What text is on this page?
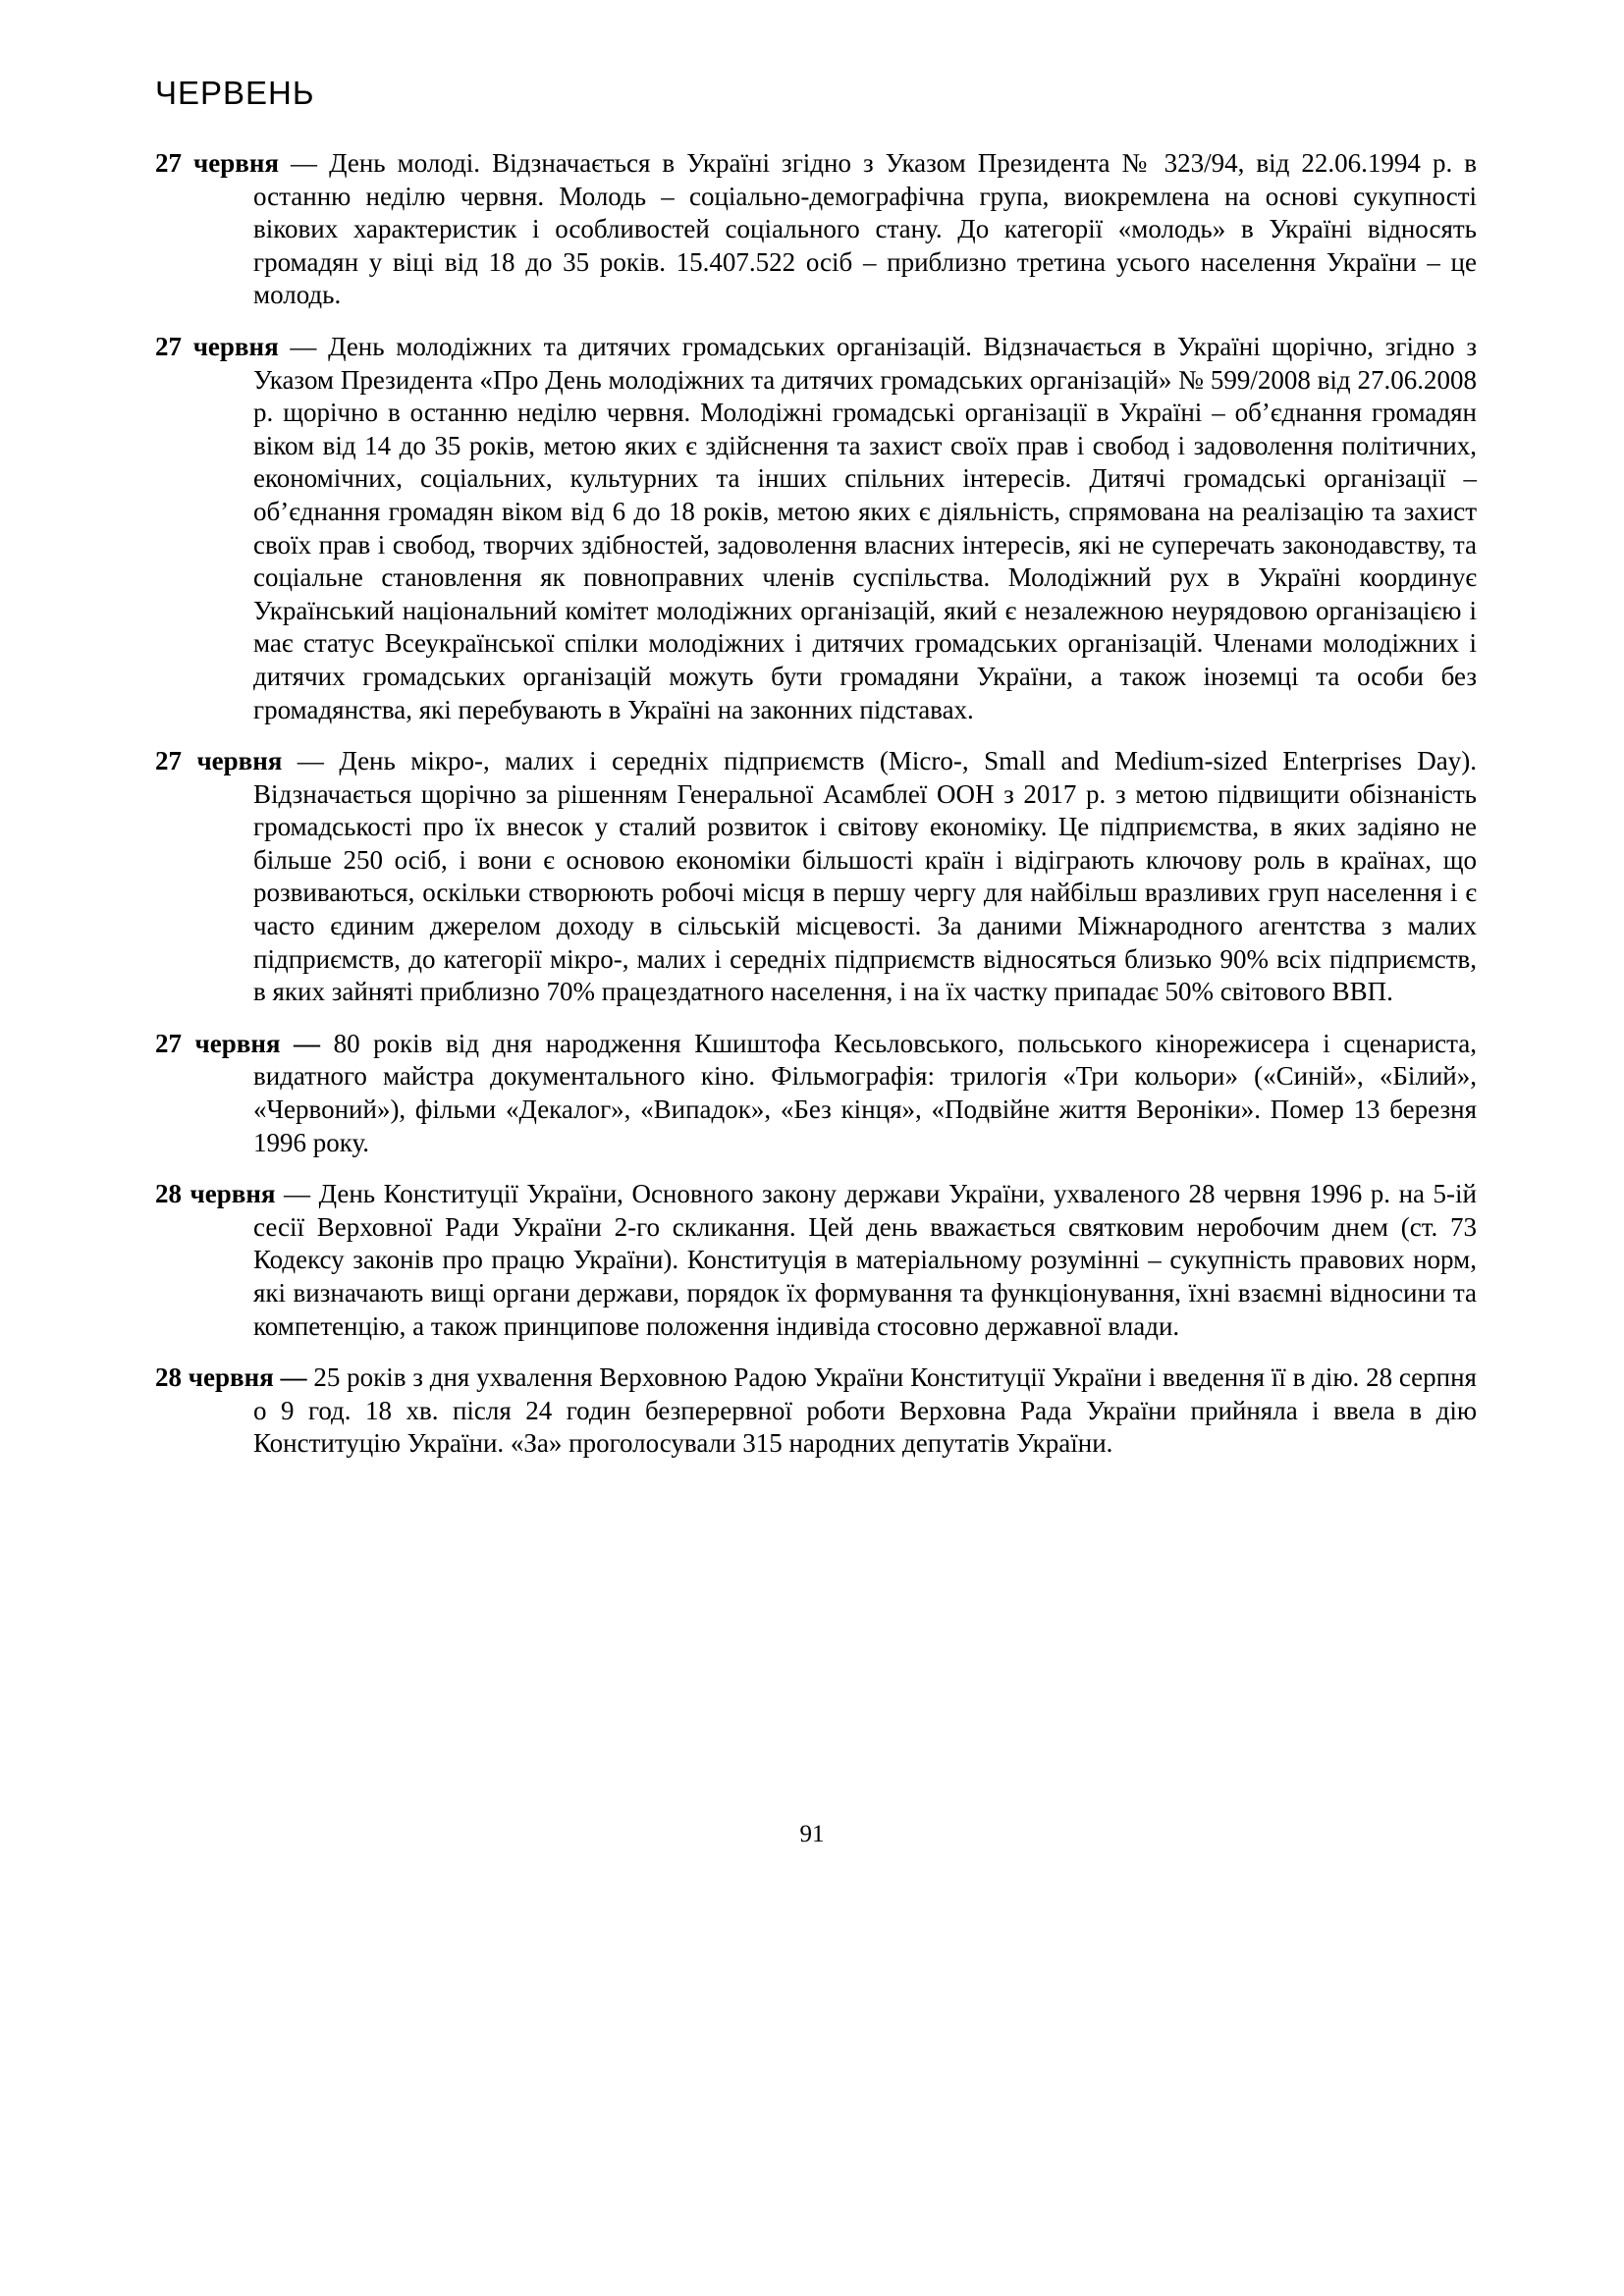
ЧЕРВЕНЬ

27 червня — День молоді. Відзначається в Україні згідно з Указом Президента № 323/94, від 22.06.1994 р. в останню неділю червня. Молодь – соціально-демографічна група, виокремлена на основі сукупності вікових характеристик і особливостей соціального стану. До категорії «молодь» в Україні відносять громадян у віці від 18 до 35 років. 15.407.522 осіб – приблизно третина усього населення України – це молодь.

27 червня — День молодіжних та дитячих громадських організацій. Відзначається в Україні щорічно, згідно з Указом Президента «Про День молодіжних та дитячих громадських організацій» № 599/2008 від 27.06.2008 р. щорічно в останню неділю червня. Молодіжні громадські організації в Україні – об’єднання громадян віком від 14 до 35 років, метою яких є здійснення та захист своїх прав і свобод і задоволення політичних, економічних, соціальних, культурних та інших спільних інтересів. Дитячі громадські організації – об’єднання громадян віком від 6 до 18 років, метою яких є діяльність, спрямована на реалізацію та захист своїх прав і свобод, творчих здібностей, задоволення власних інтересів, які не суперечать законодавству, та соціальне становлення як повноправних членів суспільства. Молодіжний рух в Україні координує Український національний комітет молодіжних організацій, який є незалежною неурядовою організацією і має статус Всеукраїнської спілки молодіжних і дитячих громадських організацій. Членами молодіжних і дитячих громадських організацій можуть бути громадяни України, а також іноземці та особи без громадянства, які перебувають в Україні на законних підставах.

27 червня — День мікро-, малих і середніх підприємств (Micro-, Small and Medium-sized Enterprises Day). Відзначається щорічно за рішенням Генеральної Асамблеї ООН з 2017 р. з метою підвищити обізнаність громадськості про їх внесок у сталий розвиток і світову економіку. Це підприємства, в яких задіяно не більше 250 осіб, і вони є основою економіки більшості країн і відіграють ключову роль в країнах, що розвиваються, оскільки створюють робочі місця в першу чергу для найбільш вразливих груп населення і є часто єдиним джерелом доходу в сільській місцевості. За даними Міжнародного агентства з малих підприємств, до категорії мікро-, малих і середніх підприємств відносяться близько 90% всіх підприємств, в яких зайняті приблизно 70% працездатного населення, і на їх частку припадає 50% світового ВВП.

27 червня — 80 років від дня народження Кшиштофа Кесьловського, польського кінорежисера і сценариста, видатного майстра документального кіно. Фільмографія: трилогія «Три кольори» («Синій», «Білий», «Червоний»), фільми «Декалог», «Випадок», «Без кінця», «Подвійне життя Вероніки». Помер 13 березня 1996 року.

28 червня — День Конституції України, Основного закону держави України, ухваленого 28 червня 1996 р. на 5-ій сесії Верховної Ради України 2-го скликання. Цей день вважається святковим неробочим днем (ст. 73 Кодексу законів про працю України). Конституція в матеріальному розумінні – сукупність правових норм, які визначають вищі органи держави, порядок їх формування та функціонування, їхні взаємні відносини та компетенцію, а також принципове положення індивіда стосовно державної влади.

28 червня — 25 років з дня ухвалення Верховною Радою України Конституції України і введення її в дію. 28 серпня о 9 год. 18 хв. після 24 годин безперервної роботи Верховна Рада України прийняла і ввела в дію Конституцію України. «За» проголосували 315 народних депутатів України.

91
